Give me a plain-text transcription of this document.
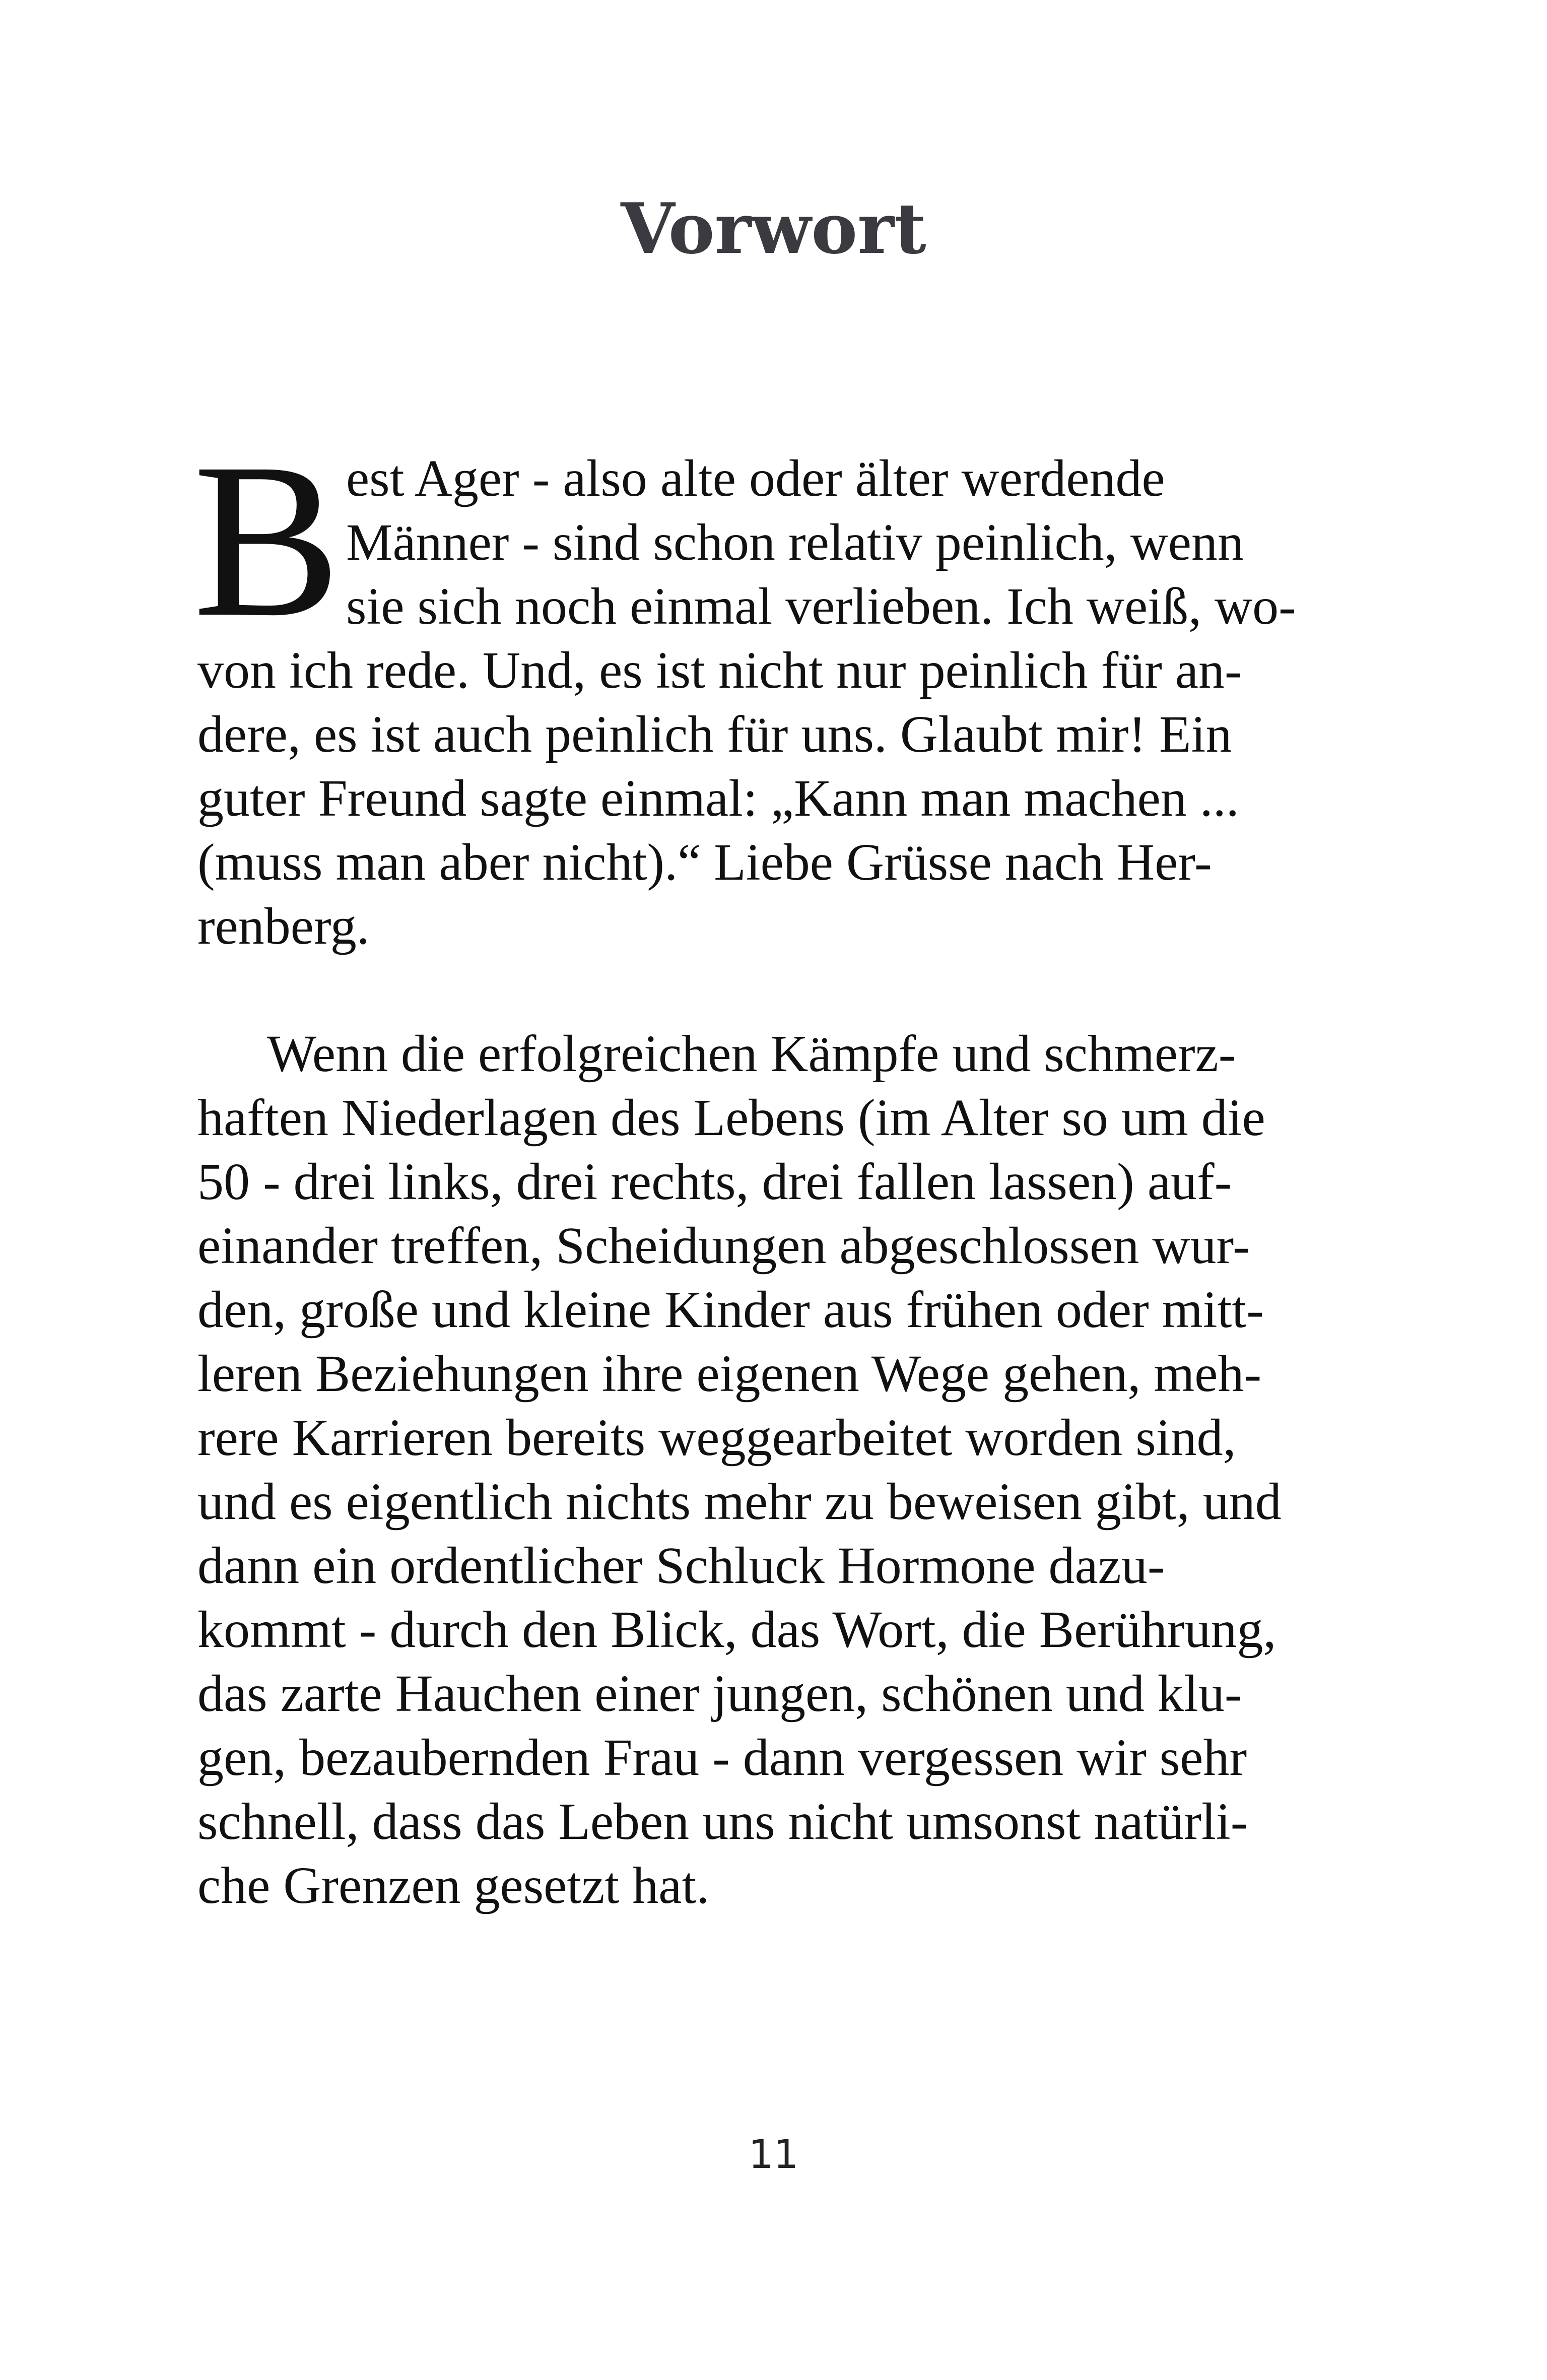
Vorwort
B est Ager - also alte oder älter werdende
Männer - sind schon relativ peinlich, wenn
sie sich noch einmal verlieben. Ich weiß, wo-
von ich rede. Und, es ist nicht nur peinlich für an-
dere, es ist auch peinlich für uns. Glaubt mir! Ein
guter Freund sagte einmal: „Kann man machen ...
(muss man aber nicht).“ Liebe Grüsse nach Her-
renberg.
Wenn die erfolgreichen Kämpfe und schmerz-
haften Niederlagen des Lebens (im Alter so um die
50 - drei links, drei rechts, drei fallen lassen) auf-
einander treffen, Scheidungen abgeschlossen wur-
den, große und kleine Kinder aus frühen oder mitt-
leren Beziehungen ihre eigenen Wege gehen, meh-
rere Karrieren bereits weggearbeitet worden sind,
und es eigentlich nichts mehr zu beweisen gibt, und
dann ein ordentlicher Schluck Hormone dazu-
kommt - durch den Blick, das Wort, die Berührung,
das zarte Hauchen einer jungen, schönen und klu-
gen, bezaubernden Frau - dann vergessen wir sehr
schnell, dass das Leben uns nicht umsonst natürli-
che Grenzen gesetzt hat.
11
